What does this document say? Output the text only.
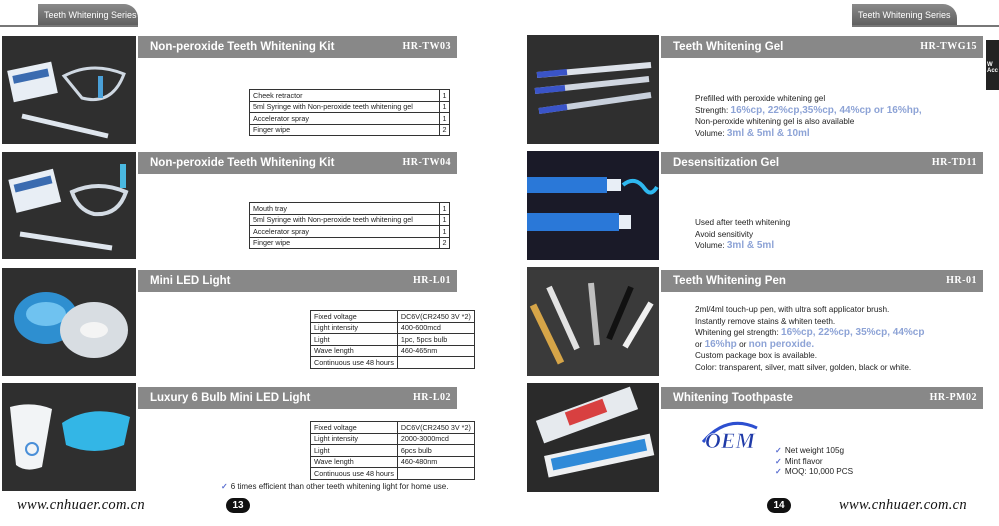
Teeth Whitening Series	Teeth Whitening Series
W Acc
Non-peroxide Teeth Whitening Kit	HR-TW03
Cheek retractor	1
5ml Syringe with Non-peroxide teeth whitening gel	1
Accelerator spray	1
Finger wipe	2
Non-peroxide Teeth Whitening Kit	HR-TW04
Mouth tray	1
5ml Syringe with Non-peroxide teeth whitening gel	1
Accelerator spray	1
Finger wipe	2
Mini LED Light	HR-L01
Fixed voltage	DC6V(CR2450 3V *2)
Light intensity	400-600mcd
Light	1pc, 5pcs bulb
Wave length	460-465nm
Continuous use 48 hours	
Luxury 6 Bulb Mini LED Light	HR-L02
Fixed voltage	DC6V(CR2450 3V *2)
Light intensity	2000-3000mcd
Light	6pcs bulb
Wave length	460-480nm
Continuous use 48 hours	
✓ 6 times efficient than other teeth whitening light for home use.
www.cnhuaer.com.cn	13
Teeth Whitening Gel	HR-TWG15
Prefilled with peroxide whitening gel
Strength: 16%cp, 22%cp,35%cp, 44%cp or 16%hp,
Non-peroxide whitening gel is also available
Volume: 3ml & 5ml & 10ml
Desensitization Gel	HR-TD11
Used after teeth whitening
Avoid sensitivity
Volume: 3ml & 5ml
Teeth Whitening Pen	HR-01
2ml/4ml touch-up pen, with ultra soft applicator brush.
Instantly remove stains & whiten teeth.
Whitening gel strength: 16%cp, 22%cp, 35%cp, 44%cp
or 16%hp or non peroxide.
Custom package box is available.
Color: transparent, silver, matt silver, golden, black or white.
Whitening Toothpaste	HR-PM02
OEM ✓ Net weight 105g
✓ Mint flavor
✓ MOQ: 10,000 PCS
14	www.cnhuaer.com.cn
